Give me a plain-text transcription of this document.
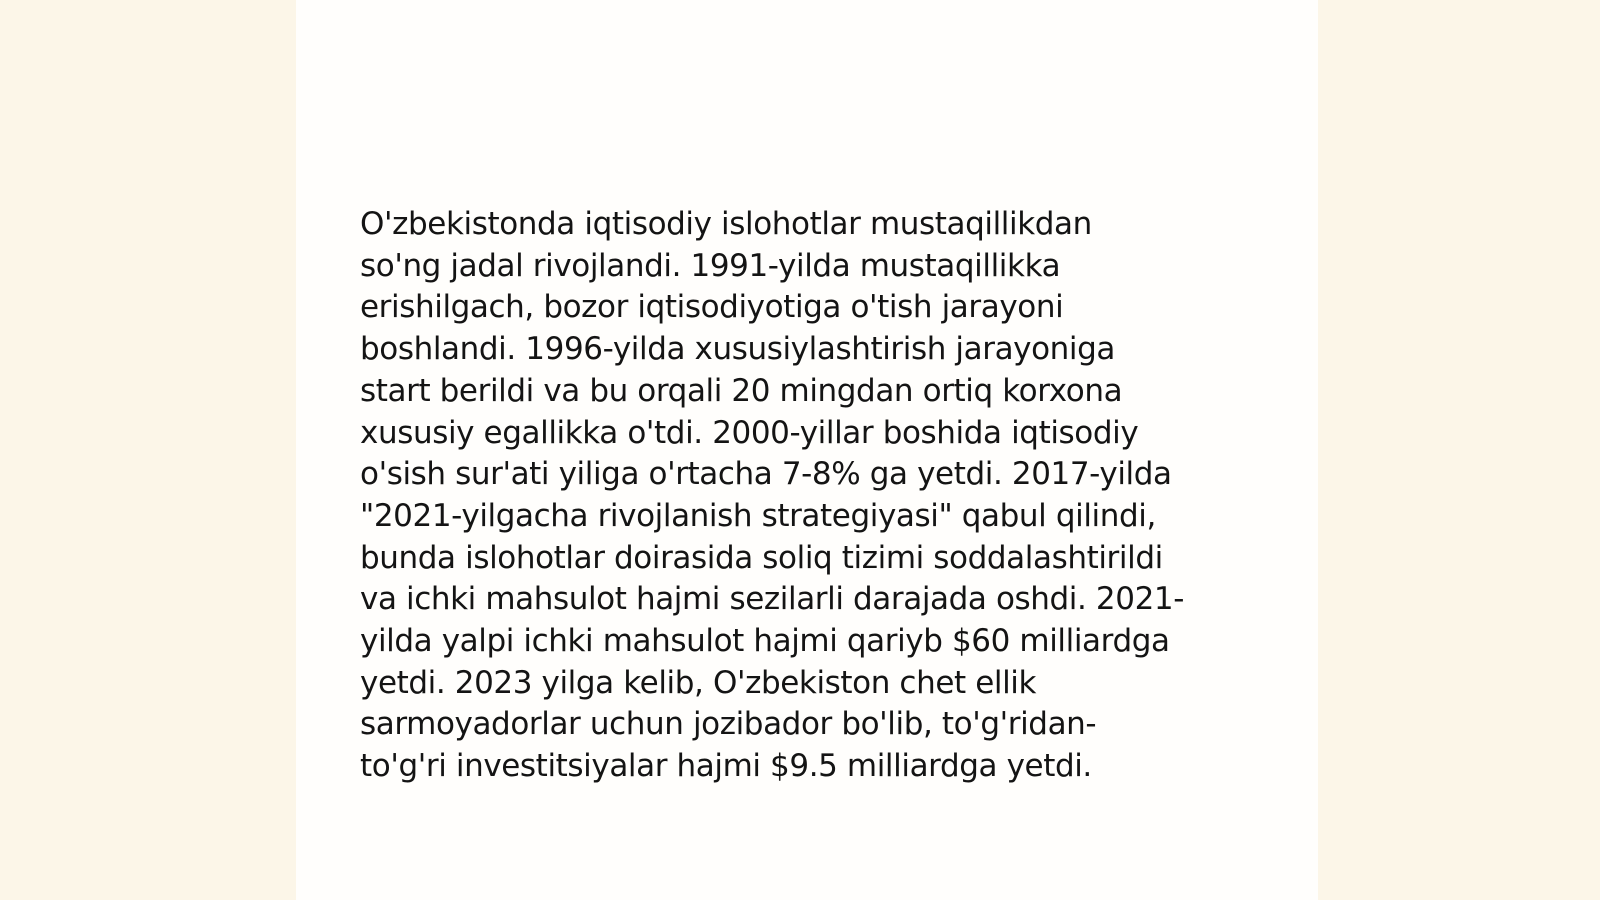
O'zbekistonda iqtisodiy islohotlar mustaqillikdan
so'ng jadal rivojlandi. 1991-yilda mustaqillikka
erishilgach, bozor iqtisodiyotiga o'tish jarayoni
boshlandi. 1996-yilda xususiylashtirish jarayoniga
start berildi va bu orqali 20 mingdan ortiq korxona
xususiy egallikka o'tdi. 2000-yillar boshida iqtisodiy
o'sish sur'ati yiliga o'rtacha 7-8% ga yetdi. 2017-yilda
"2021-yilgacha rivojlanish strategiyasi" qabul qilindi,
bunda islohotlar doirasida soliq tizimi soddalashtirildi
va ichki mahsulot hajmi sezilarli darajada oshdi. 2021-
yilda yalpi ichki mahsulot hajmi qariyb $60 milliardga
yetdi. 2023 yilga kelib, O'zbekiston chet ellik
sarmoyadorlar uchun jozibador bo'lib, to'g'ridan-
to'g'ri investitsiyalar hajmi $9.5 milliardga yetdi.
